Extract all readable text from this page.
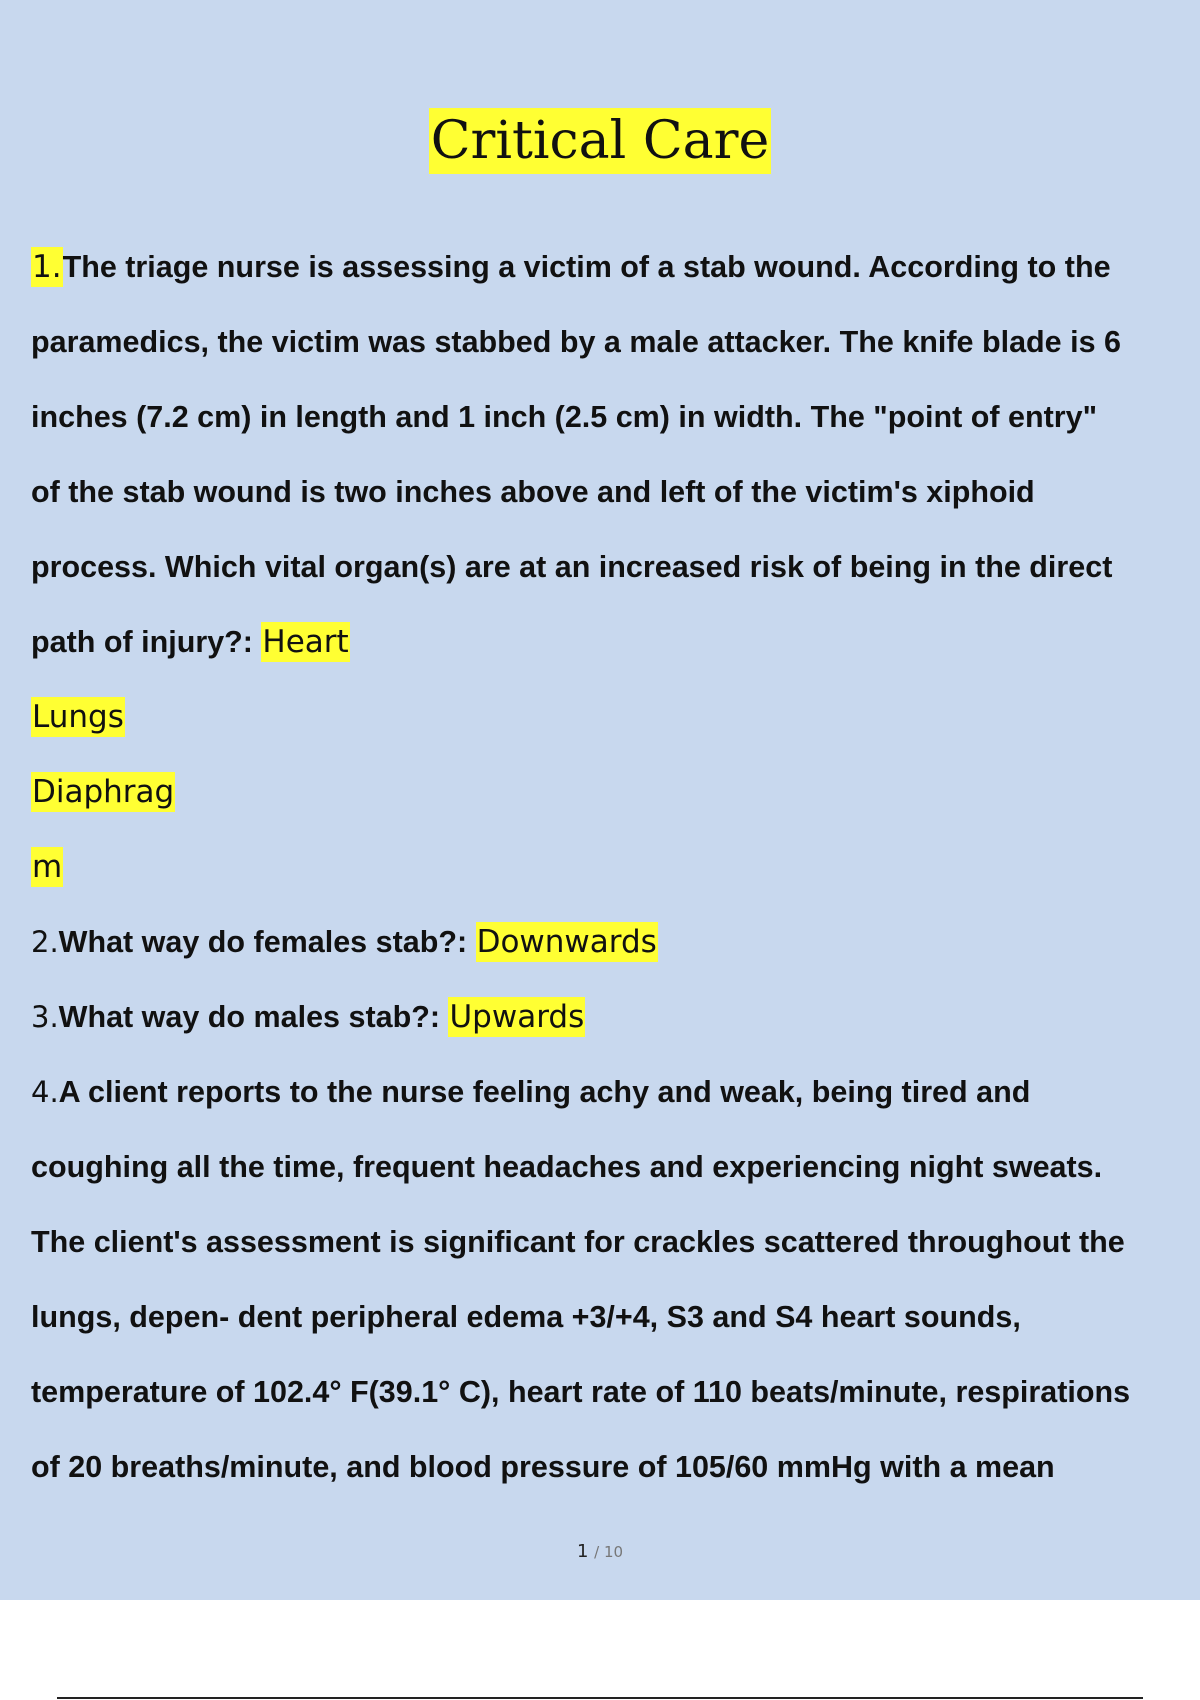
Critical Care
1.The triage nurse is assessing a victim of a stab wound. According to the
paramedics, the victim was stabbed by a male attacker. The knife blade is 6
inches (7.2 cm) in length and 1 inch (2.5 cm) in width. The "point of entry"
of the stab wound is two inches above and left of the victim's xiphoid
process. Which vital organ(s) are at an increased risk of being in the direct
path of injury?: Heart
Lungs
Diaphrag
m
2.What way do females stab?: Downwards
3.What way do males stab?: Upwards
4.A client reports to the nurse feeling achy and weak, being tired and
coughing all the time, frequent headaches and experiencing night sweats.
The client's assessment is significant for crackles scattered throughout the
lungs, depen- dent peripheral edema +3/+4, S3 and S4 heart sounds,
temperature of 102.4° F(39.1° C), heart rate of 110 beats/minute, respirations
of 20 breaths/minute, and blood pressure of 105/60 mmHg with a mean
1 / 10
